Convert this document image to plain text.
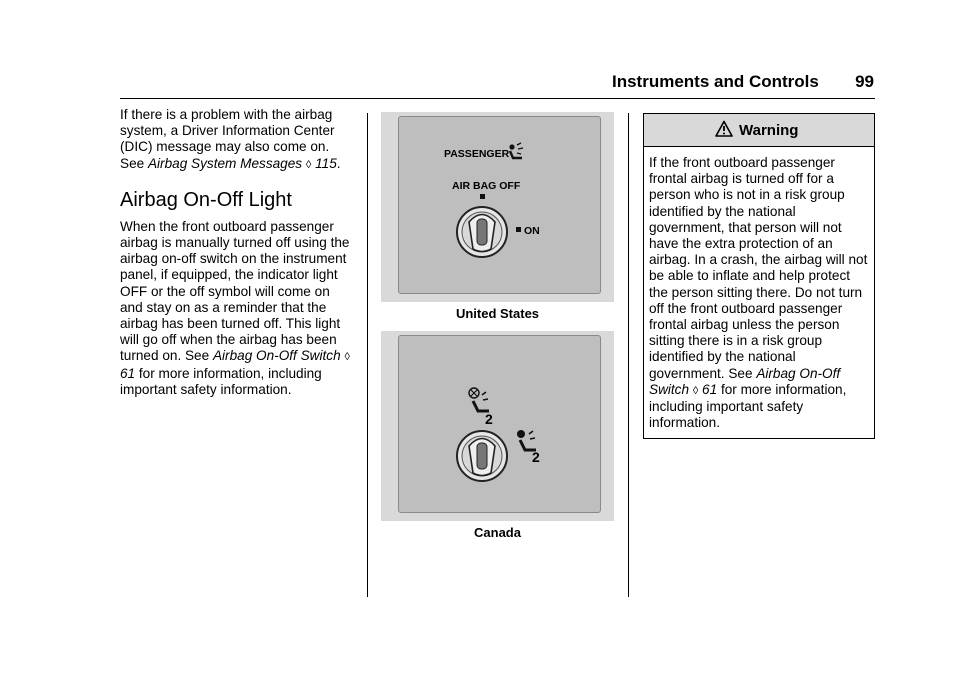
Instruments and Controls 99

If there is a problem with the airbag system, a Driver Information Center (DIC) message may also come on. See Airbag System Messages ◊ 115.

Airbag On-Off Light

When the front outboard passenger airbag is manually turned off using the airbag on-off switch on the instrument panel, if equipped, the indicator light OFF or the off symbol will come on and stay on as a reminder that the airbag has been turned off. This light will go off when the airbag has been turned on. See Airbag On-Off Switch ◊ 61 for more information, including important safety information.

PASSENGER
AIR BAG OFF
ON
United States
2
2
Canada
Warning
If the front outboard passenger frontal airbag is turned off for a person who is not in a risk group identified by the national government, that person will not have the extra protection of an airbag. In a crash, the airbag will not be able to inflate and help protect the person sitting there. Do not turn off the front outboard passenger frontal airbag unless the person sitting there is in a risk group identified by the national government. See Airbag On-Off Switch ◊ 61 for more information, including important safety information.
